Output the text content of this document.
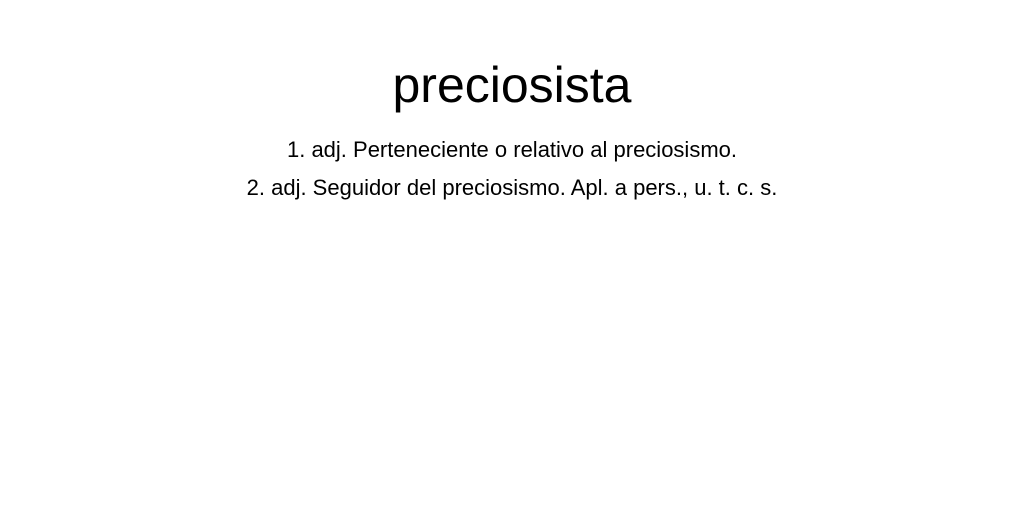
preciosista
1. adj. Perteneciente o relativo al preciosismo.
2. adj. Seguidor del preciosismo. Apl. a pers., u. t. c. s.
